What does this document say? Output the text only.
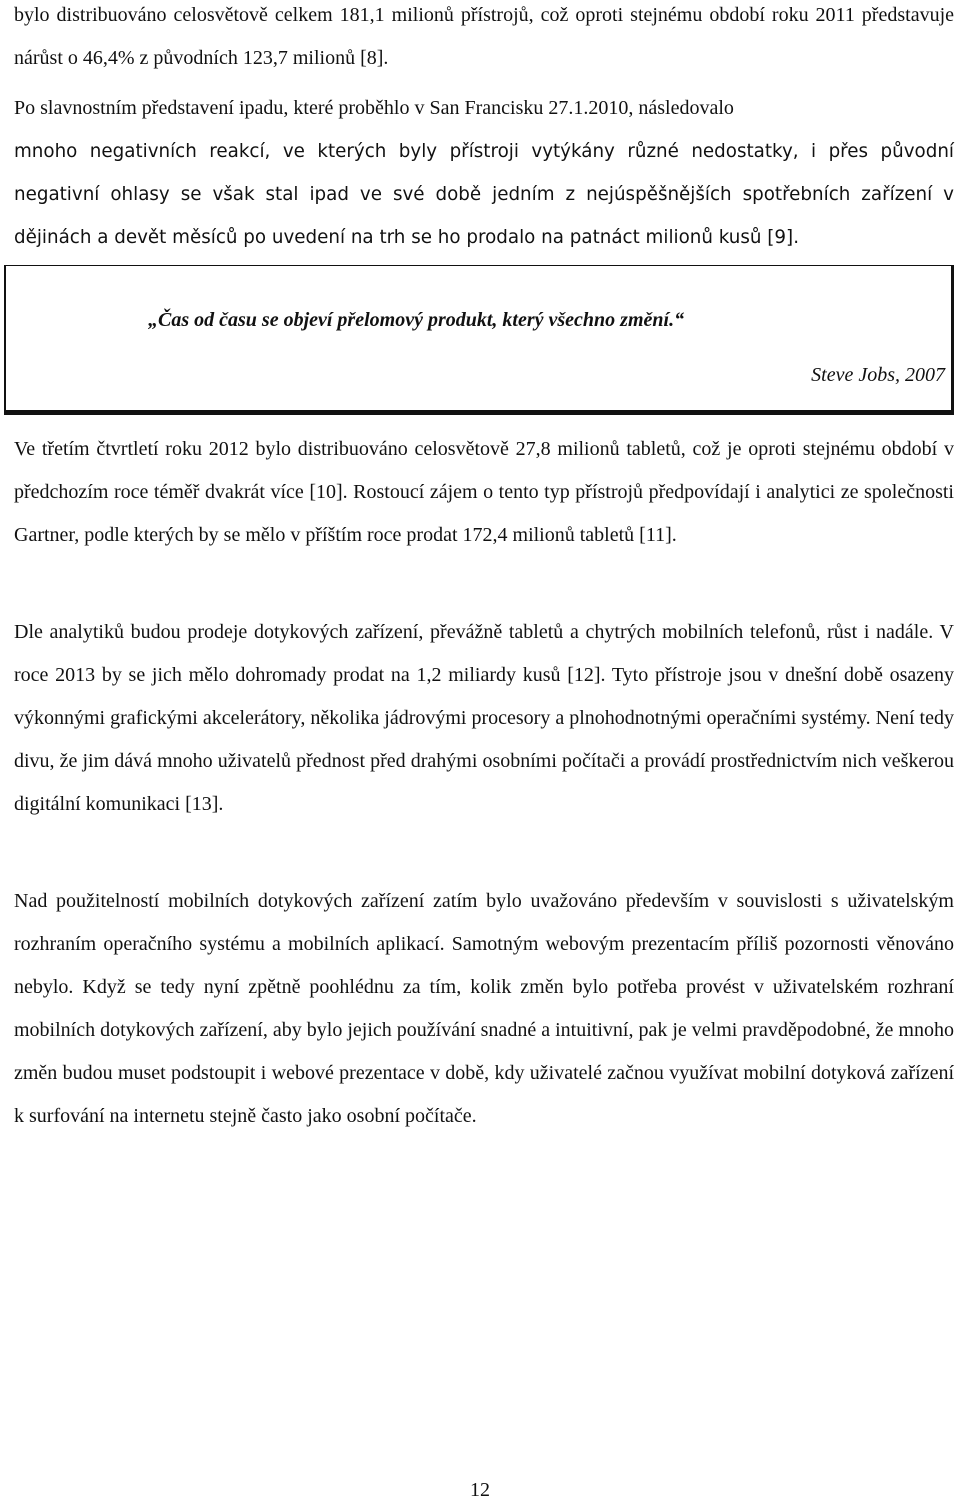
bylo distribuováno celosvětově celkem 181,1 milionů přístrojů, což oproti stejnému období roku 2011 představuje nárůst o 46,4% z původních 123,7 milionů [8].

Po slavnostním představení ipadu, které proběhlo v San Francisku 27.1.2010, následovalo

mnoho negativních reakcí, ve kterých byly přístroji vytýkány různé nedostatky, i přes původní negativní ohlasy se však stal ipad ve své době jedním z nejúspěšnějších spotřebních zařízení v dějinách a devět měsíců po uvedení na trh se ho prodalo na patnáct milionů kusů [9].

„Čas od času se objeví přelomový produkt, který všechno změní.“

Steve Jobs, 2007

Ve třetím čtvrtletí roku 2012 bylo distribuováno celosvětově 27,8 milionů tabletů, což je oproti stejnému období v předchozím roce téměř dvakrát více [10]. Rostoucí zájem o tento typ přístrojů předpovídají i analytici ze společnosti Gartner, podle kterých by se mělo v příštím roce prodat 172,4 milionů tabletů [11].

Dle analytiků budou prodeje dotykových zařízení, převážně tabletů a chytrých mobilních telefonů, růst i nadále. V roce 2013 by se jich mělo dohromady prodat na 1,2 miliardy kusů [12]. Tyto přístroje jsou v dnešní době osazeny výkonnými grafickými akcelerátory, několika jádrovými procesory a plnohodnotnými operačními systémy. Není tedy divu, že jim dává mnoho uživatelů přednost před drahými osobními počítači a provádí prostřednictvím nich veškerou digitální komunikaci [13].

Nad použitelností mobilních dotykových zařízení zatím bylo uvažováno především v souvislosti s uživatelským rozhraním operačního systému a mobilních aplikací. Samotným webovým prezentacím příliš pozornosti věnováno nebylo. Když se tedy nyní zpětně poohlédnu za tím, kolik změn bylo potřeba provést v uživatelském rozhraní mobilních dotykových zařízení, aby bylo jejich používání snadné a intuitivní, pak je velmi pravděpodobné, že mnoho změn budou muset podstoupit i webové prezentace v době, kdy uživatelé začnou využívat mobilní dotyková zařízení k surfování na internetu stejně často jako osobní počítače.

12
